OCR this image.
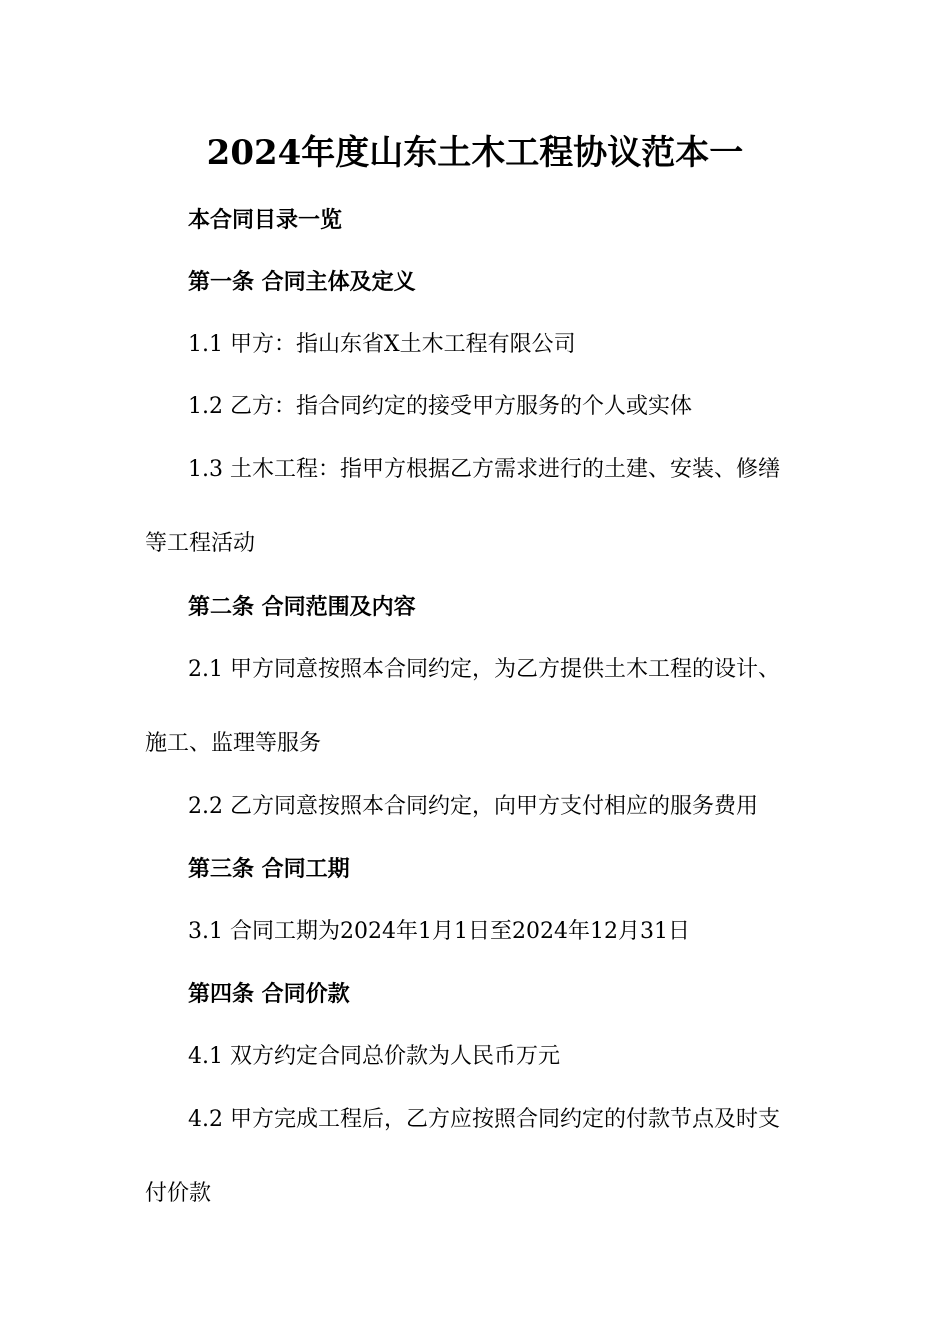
2024年度山东土木工程协议范本一

本合同目录一览

第一条 合同主体及定义

1.1 甲方：指山东省X土木工程有限公司

1.2 乙方：指合同约定的接受甲方服务的个人或实体

1.3 土木工程：指甲方根据乙方需求进行的土建、安装、修缮

等工程活动

第二条 合同范围及内容

2.1 甲方同意按照本合同约定，为乙方提供土木工程的设计、

施工、监理等服务

2.2 乙方同意按照本合同约定，向甲方支付相应的服务费用

第三条 合同工期

3.1 合同工期为2024年1月1日至2024年12月31日

第四条 合同价款

4.1 双方约定合同总价款为人民币万元

4.2 甲方完成工程后，乙方应按照合同约定的付款节点及时支

付价款
